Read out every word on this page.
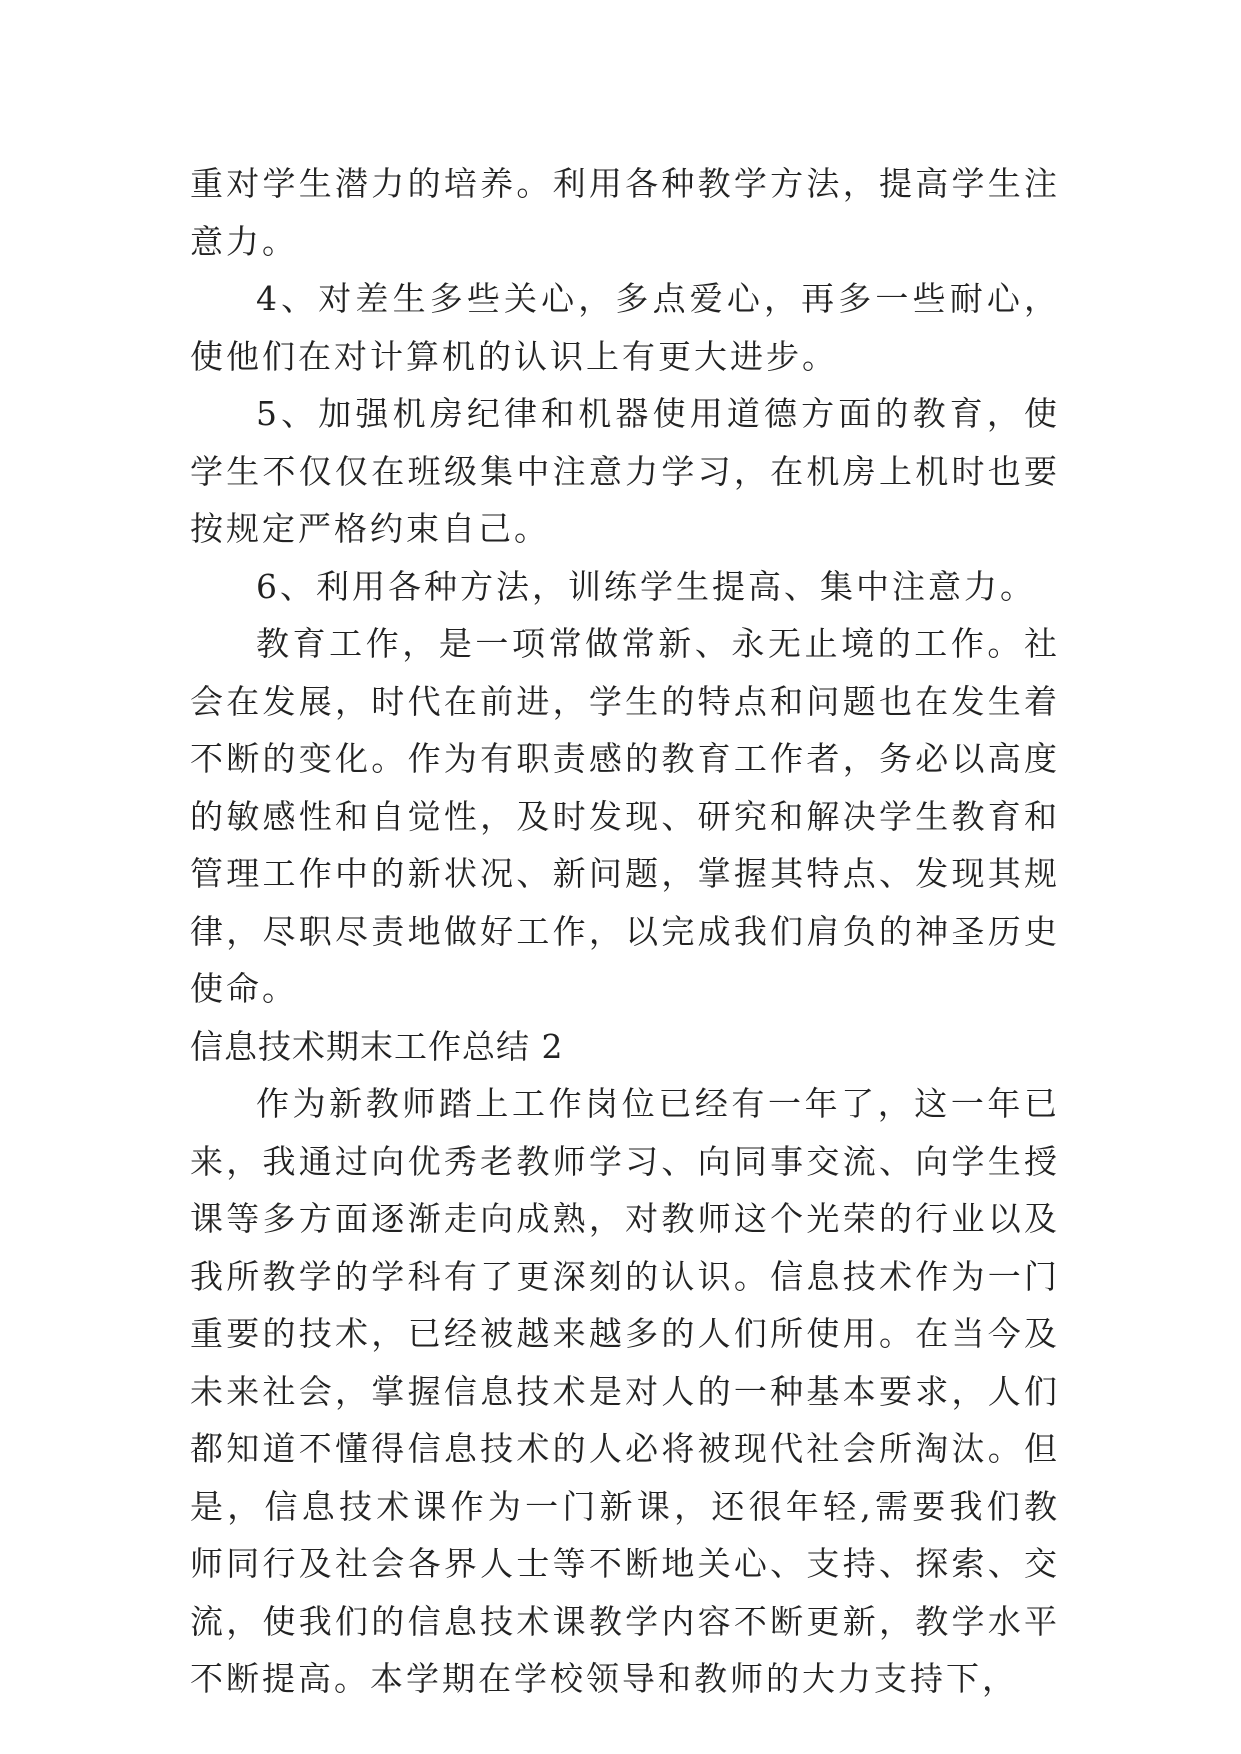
重对学生潜力的培养。利用各种教学方法，提高学生注意力。

4、对差生多些关心，多点爱心，再多一些耐心，使他们在对计算机的认识上有更大进步。

5、加强机房纪律和机器使用道德方面的教育，使学生不仅仅在班级集中注意力学习，在机房上机时也要按规定严格约束自己。

6、利用各种方法，训练学生提高、集中注意力。

教育工作，是一项常做常新、永无止境的工作。社会在发展，时代在前进，学生的特点和问题也在发生着不断的变化。作为有职责感的教育工作者，务必以高度的敏感性和自觉性，及时发现、研究和解决学生教育和管理工作中的新状况、新问题，掌握其特点、发现其规律，尽职尽责地做好工作，以完成我们肩负的神圣历史使命。

信息技术期末工作总结 2

作为新教师踏上工作岗位已经有一年了，这一年已来，我通过向优秀老教师学习、向同事交流、向学生授课等多方面逐渐走向成熟，对教师这个光荣的行业以及我所教学的学科有了更深刻的认识。信息技术作为一门重要的技术，已经被越来越多的人们所使用。在当今及未来社会，掌握信息技术是对人的一种基本要求，人们都知道不懂得信息技术的人必将被现代社会所淘汰。但是，信息技术课作为一门新课，还很年轻,需要我们教师同行及社会各界人士等不断地关心、支持、探索、交流，使我们的信息技术课教学内容不断更新，教学水平不断提高。本学期在学校领导和教师的大力支持下，
